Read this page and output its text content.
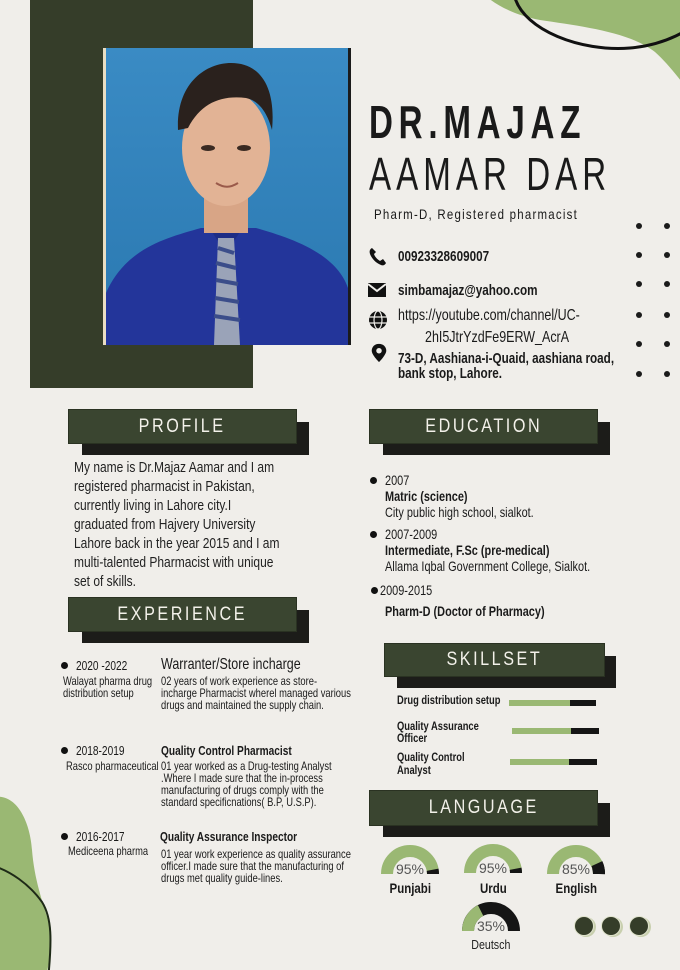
DR.MAJAZ
AAMAR DAR
Pharm-D, Registered pharmacist
00923328609007
simbamajaz@yahoo.com
https://youtube.com/channel/UC-
2hI5JtrYzdFe9ERW_AcrA
73-D, Aashiana-i-Quaid, aashiana road,
bank stop, Lahore.
PROFILE
My name is Dr.Majaz Aamar and I am
registered pharmacist in Pakistan,
currently living in Lahore city.I
graduated from Hajvery University
Lahore back in the year 2015 and I am
multi-talented Pharmacist with unique
set of skills.
EDUCATION
2007
Matric (science)
City public high school, sialkot.
2007-2009
Intermediate, F.Sc (pre-medical)
Allama Iqbal Government College, Sialkot.
2009-2015
Pharm-D (Doctor of Pharmacy)
EXPERIENCE
2020 -2022
Walayat pharma drug
distribution setup
Warranter/Store incharge
02 years of work experience as store-
incharge Pharmacist wherel managed various
drugs and maintained the supply chain.
2018-2019
Rasco pharmaceutical
Quality Control Pharmacist
01 year worked as a Drug-testing Analyst
.Where I made sure that the in-process
manufacturing of drugs comply with the
standard specificnations( B.P, U.S.P).
2016-2017
Mediceena pharma
Quality Assurance Inspector
01 year work experience as quality assurance
officer.I made sure that the manufacturing of
drugs met quality guide-lines.
SKILLSET
Drug distribution setup
Quality Assurance
Officer
Quality Control
Analyst
LANGUAGE
95%
Punjabi
95%
Urdu
85%
English
35%
Deutsch
